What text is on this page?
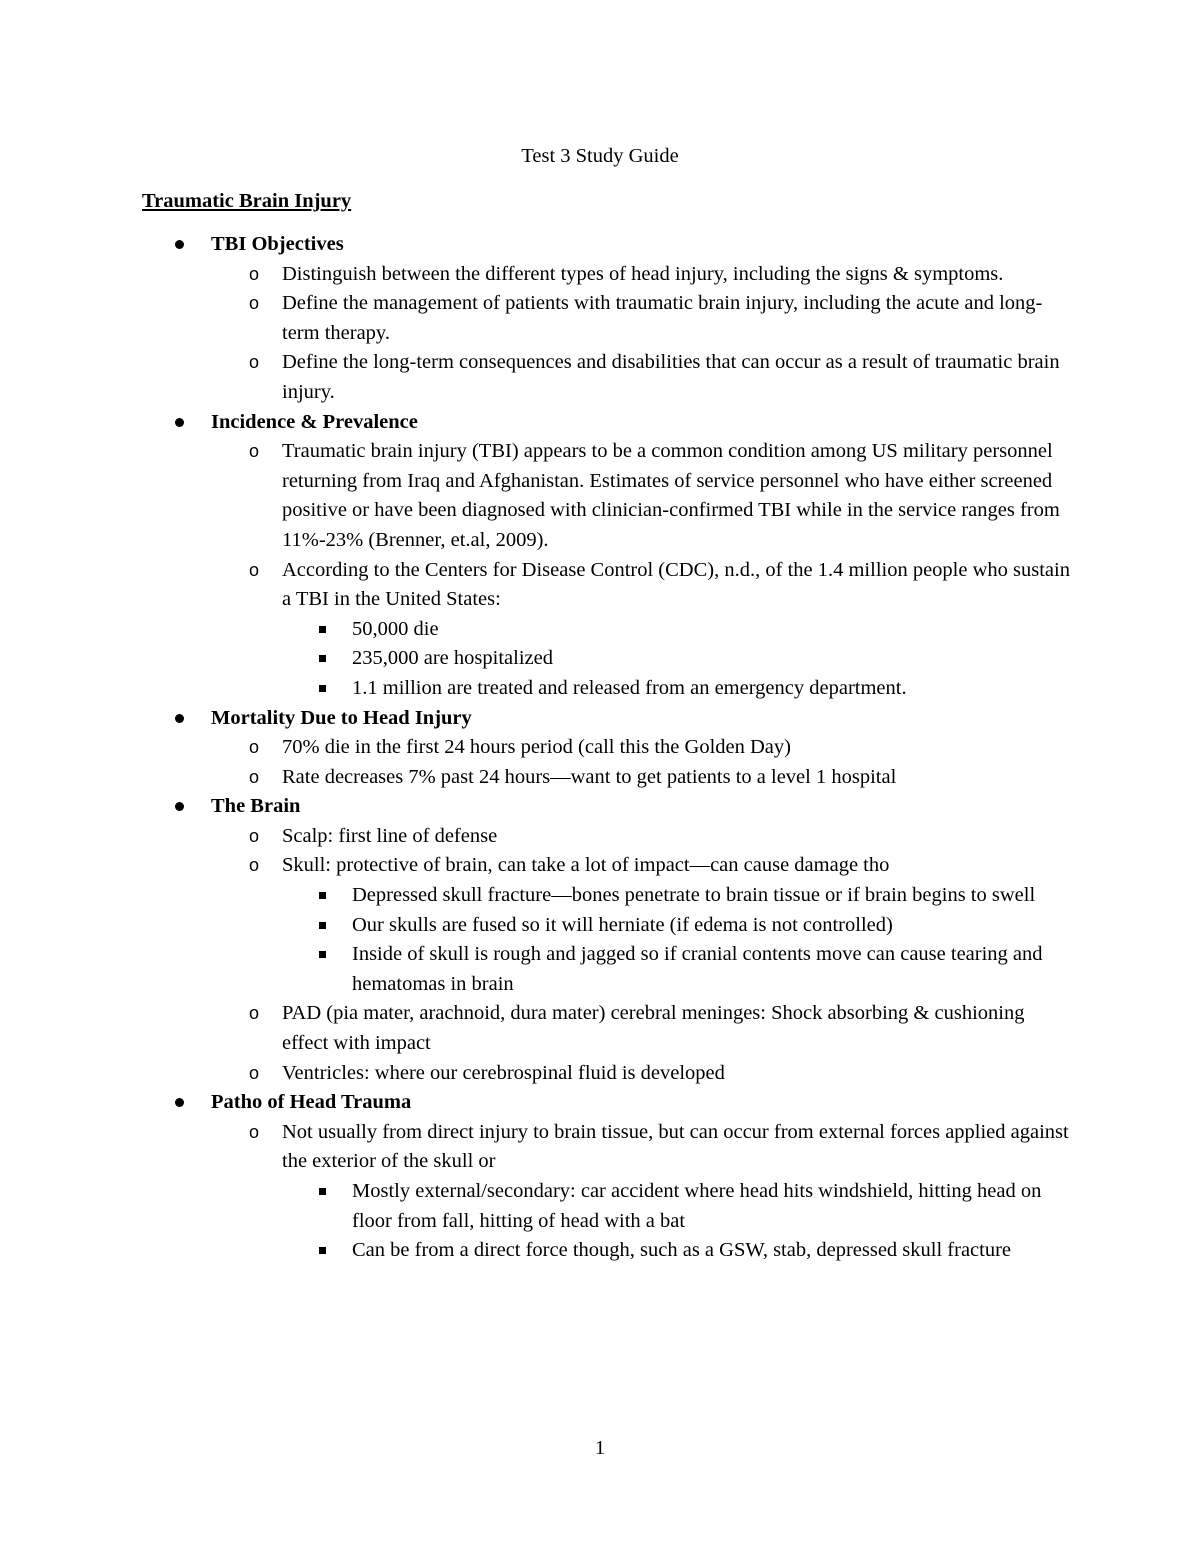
Test 3 Study Guide
Traumatic Brain Injury
TBI Objectives
o Distinguish between the different types of head injury, including the signs & symptoms.
o Define the management of patients with traumatic brain injury, including the acute and long-term therapy.
o Define the long-term consequences and disabilities that can occur as a result of traumatic brain injury.
Incidence & Prevalence
o Traumatic brain injury (TBI) appears to be a common condition among US military personnel returning from Iraq and Afghanistan. Estimates of service personnel who have either screened positive or have been diagnosed with clinician-confirmed TBI while in the service ranges from 11%-23% (Brenner, et.al, 2009).
o According to the Centers for Disease Control (CDC), n.d., of the 1.4 million people who sustain a TBI in the United States:
50,000 die
235,000 are hospitalized
1.1 million are treated and released from an emergency department.
Mortality Due to Head Injury
o 70% die in the first 24 hours period (call this the Golden Day)
o Rate decreases 7% past 24 hours—want to get patients to a level 1 hospital
The Brain
o Scalp: first line of defense
o Skull: protective of brain, can take a lot of impact—can cause damage tho
Depressed skull fracture—bones penetrate to brain tissue or if brain begins to swell
Our skulls are fused so it will herniate (if edema is not controlled)
Inside of skull is rough and jagged so if cranial contents move can cause tearing and hematomas in brain
o PAD (pia mater, arachnoid, dura mater) cerebral meninges: Shock absorbing & cushioning effect with impact
o Ventricles: where our cerebrospinal fluid is developed
Patho of Head Trauma
o Not usually from direct injury to brain tissue, but can occur from external forces applied against the exterior of the skull or
Mostly external/secondary: car accident where head hits windshield, hitting head on floor from fall, hitting of head with a bat
Can be from a direct force though, such as a GSW, stab, depressed skull fracture
1
